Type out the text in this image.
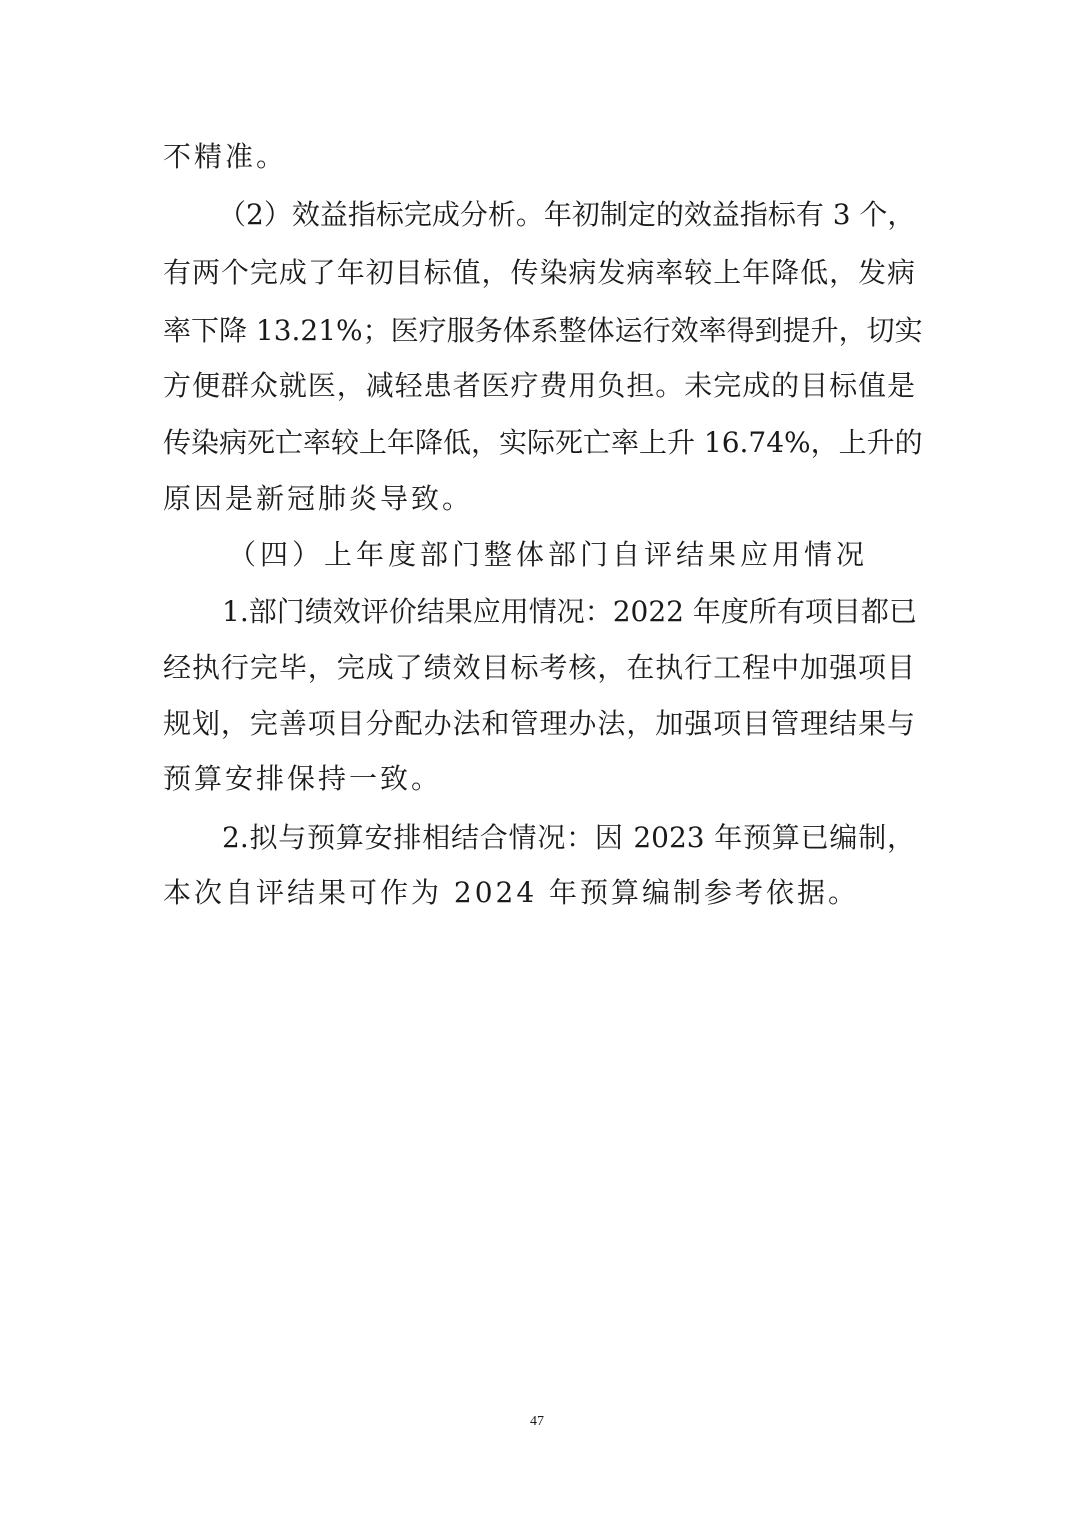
不精准。
（2）效益指标完成分析。年初制定的效益指标有 3 个，
有两个完成了年初目标值，传染病发病率较上年降低，发病
率下降 13.21%；医疗服务体系整体运行效率得到提升，切实
方便群众就医，减轻患者医疗费用负担。未完成的目标值是
传染病死亡率较上年降低，实际死亡率上升 16.74%，上升的
原因是新冠肺炎导致。
（四）上年度部门整体部门自评结果应用情况
1.部门绩效评价结果应用情况：2022 年度所有项目都已
经执行完毕，完成了绩效目标考核，在执行工程中加强项目
规划，完善项目分配办法和管理办法，加强项目管理结果与
预算安排保持一致。
2.拟与预算安排相结合情况：因 2023 年预算已编制，
本次自评结果可作为 2024 年预算编制参考依据。
47
